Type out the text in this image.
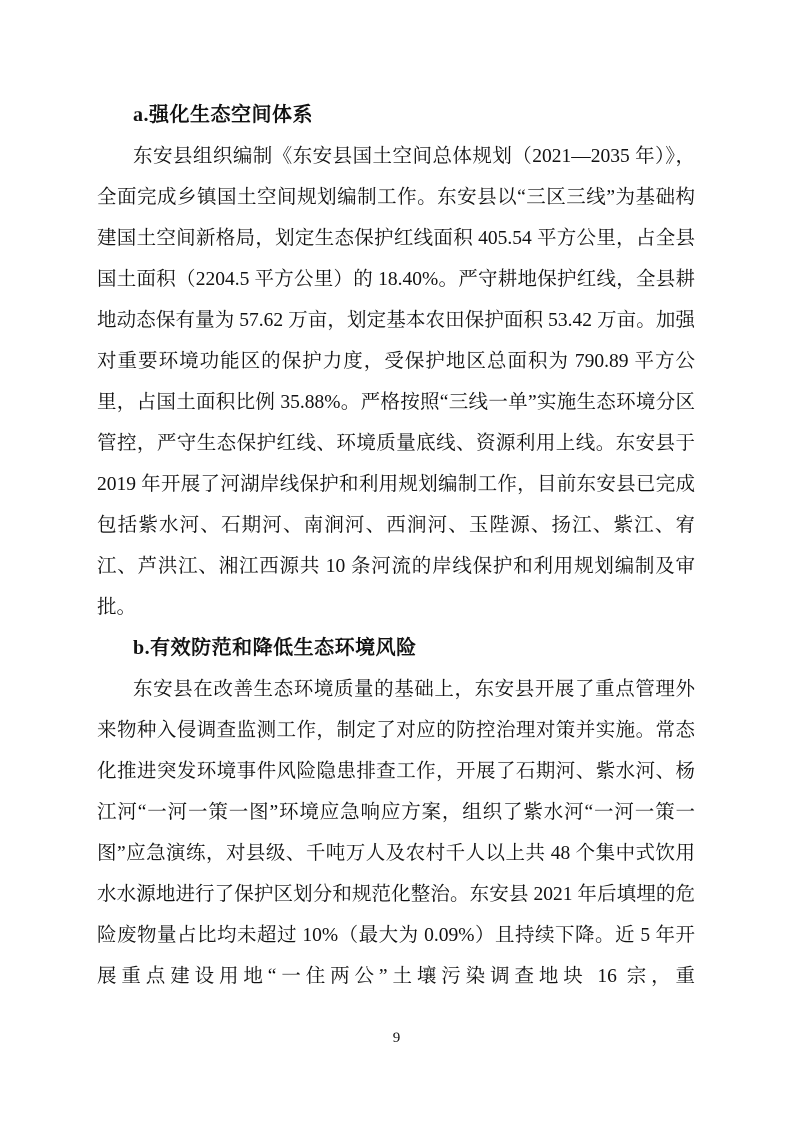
a.强化生态空间体系

东安县组织编制《东安县国土空间总体规划（2021—2035 年）》，全面完成乡镇国土空间规划编制工作。东安县以“三区三线”为基础构建国土空间新格局，划定生态保护红线面积 405.54 平方公里，占全县国土面积（2204.5 平方公里）的 18.40%。严守耕地保护红线，全县耕地动态保有量为 57.62 万亩，划定基本农田保护面积 53.42 万亩。加强对重要环境功能区的保护力度，受保护地区总面积为 790.89 平方公里，占国土面积比例 35.88%。严格按照“三线一单”实施生态环境分区管控，严守生态保护红线、环境质量底线、资源利用上线。东安县于 2019 年开展了河湖岸线保护和利用规划编制工作，目前东安县已完成包括紫水河、石期河、南涧河、西涧河、玉陛源、扬江、紫江、宥江、芦洪江、湘江西源共 10 条河流的岸线保护和利用规划编制及审批。

b.有效防范和降低生态环境风险

东安县在改善生态环境质量的基础上，东安县开展了重点管理外来物种入侵调查监测工作，制定了对应的防控治理对策并实施。常态化推进突发环境事件风险隐患排查工作，开展了石期河、紫水河、杨江河“一河一策一图”环境应急响应方案，组织了紫水河“一河一策一图”应急演练，对县级、千吨万人及农村千人以上共 48 个集中式饮用水水源地进行了保护区划分和规范化整治。东安县 2021 年后填埋的危险废物量占比均未超过 10%（最大为 0.09%）且持续下降。近 5 年开展重点建设用地“一住两公”土壤污染调查地块 16 宗，重

9
